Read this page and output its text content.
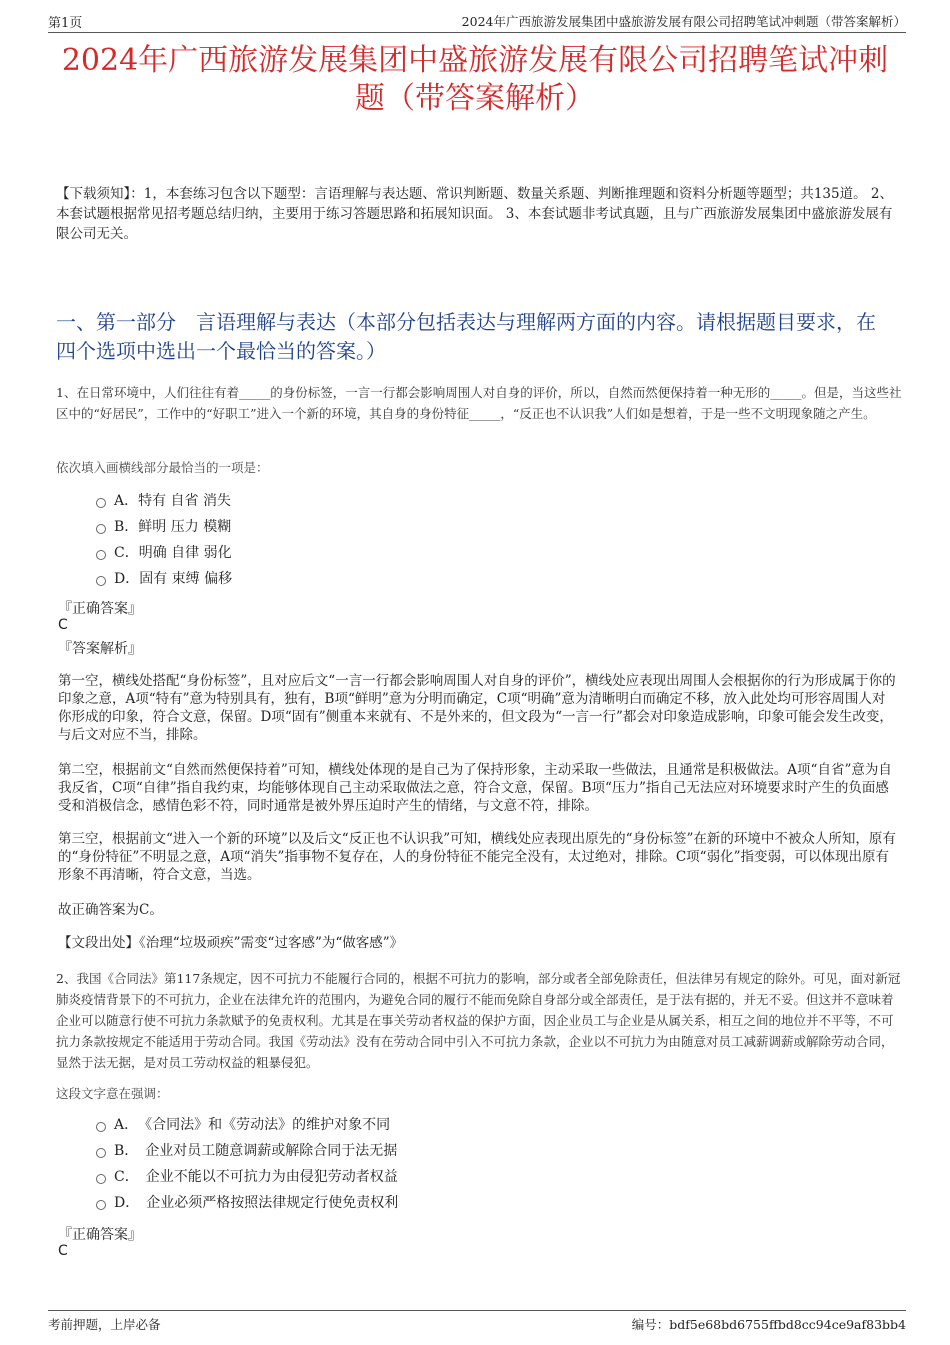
第1页	2024年广西旅游发展集团中盛旅游发展有限公司招聘笔试冲刺题（带答案解析）
2024年广西旅游发展集团中盛旅游发展有限公司招聘笔试冲刺题（带答案解析）
【下载须知】：1，本套练习包含以下题型：言语理解与表达题、常识判断题、数量关系题、判断推理题和资料分析题等题型；共135道。 2、本套试题根据常见招考题总结归纳，主要用于练习答题思路和拓展知识面。 3、本套试题非考试真题，且与广西旅游发展集团中盛旅游发展有限公司无关。
一、第一部分　言语理解与表达（本部分包括表达与理解两方面的内容。请根据题目要求，在四个选项中选出一个最恰当的答案。）
1、在日常环境中，人们往往有着_____的身份标签，一言一行都会影响周围人对自身的评价，所以，自然而然便保持着一种无形的_____。但是，当这些社区中的“好居民”，工作中的“好职工”进入一个新的环境，其自身的身份特征_____，“反正也不认识我”人们如是想着，于是一些不文明现象随之产生。
依次填入画横线部分最恰当的一项是：
A．特有 自省 消失
B．鲜明 压力 模糊
C．明确 自律 弱化
D．固有 束缚 偏移
『正确答案』
C
『答案解析』
第一空，横线处搭配“身份标签”，且对应后文“一言一行都会影响周围人对自身的评价”，横线处应表现出周围人会根据你的行为形成属于你的印象之意，A项“特有”意为特别具有，独有，B项“鲜明”意为分明而确定，C项“明确”意为清晰明白而确定不移，放入此处均可形容周围人对你形成的印象，符合文意，保留。D项“固有”侧重本来就有、不是外来的，但文段为“一言一行”都会对印象造成影响，印象可能会发生改变，与后文对应不当，排除。
第二空，根据前文“自然而然便保持着”可知，横线处体现的是自己为了保持形象，主动采取一些做法，且通常是积极做法。A项“自省”意为自我反省，C项“自律”指自我约束，均能够体现自己主动采取做法之意，符合文意，保留。B项“压力”指自己无法应对环境要求时产生的负面感受和消极信念，感情色彩不符，同时通常是被外界压迫时产生的情绪，与文意不符，排除。
第三空，根据前文“进入一个新的环境”以及后文“反正也不认识我”可知，横线处应表现出原先的“身份标签”在新的环境中不被众人所知，原有的“身份特征”不明显之意，A项“消失”指事物不复存在，人的身份特征不能完全没有，太过绝对，排除。C项“弱化”指变弱，可以体现出原有形象不再清晰，符合文意，当选。
故正确答案为C。
【文段出处】《治理“垃圾顽疾”需变“过客感”为“做客感”》
2、我国《合同法》第117条规定，因不可抗力不能履行合同的，根据不可抗力的影响，部分或者全部免除责任，但法律另有规定的除外。可见，面对新冠肺炎疫情背景下的不可抗力，企业在法律允许的范围内，为避免合同的履行不能而免除自身部分或全部责任，是于法有据的，并无不妥。但这并不意味着企业可以随意行使不可抗力条款赋予的免责权利。尤其是在事关劳动者权益的保护方面，因企业员工与企业是从属关系，相互之间的地位并不平等，不可抗力条款按规定不能适用于劳动合同。我国《劳动法》没有在劳动合同中引入不可抗力条款，企业以不可抗力为由随意对员工减薪调薪或解除劳动合同，显然于法无据，是对员工劳动权益的粗暴侵犯。
这段文字意在强调：
A．　《合同法》和《劳动法》的维护对象不同
B．　企业对员工随意调薪或解除合同于法无据
C．　企业不能以不可抗力为由侵犯劳动者权益
D．　企业必须严格按照法律规定行使免责权利
『正确答案』
C
考前押题，上岸必备	编号：bdf5e68bd6755ffbd8cc94ce9af83bb4
